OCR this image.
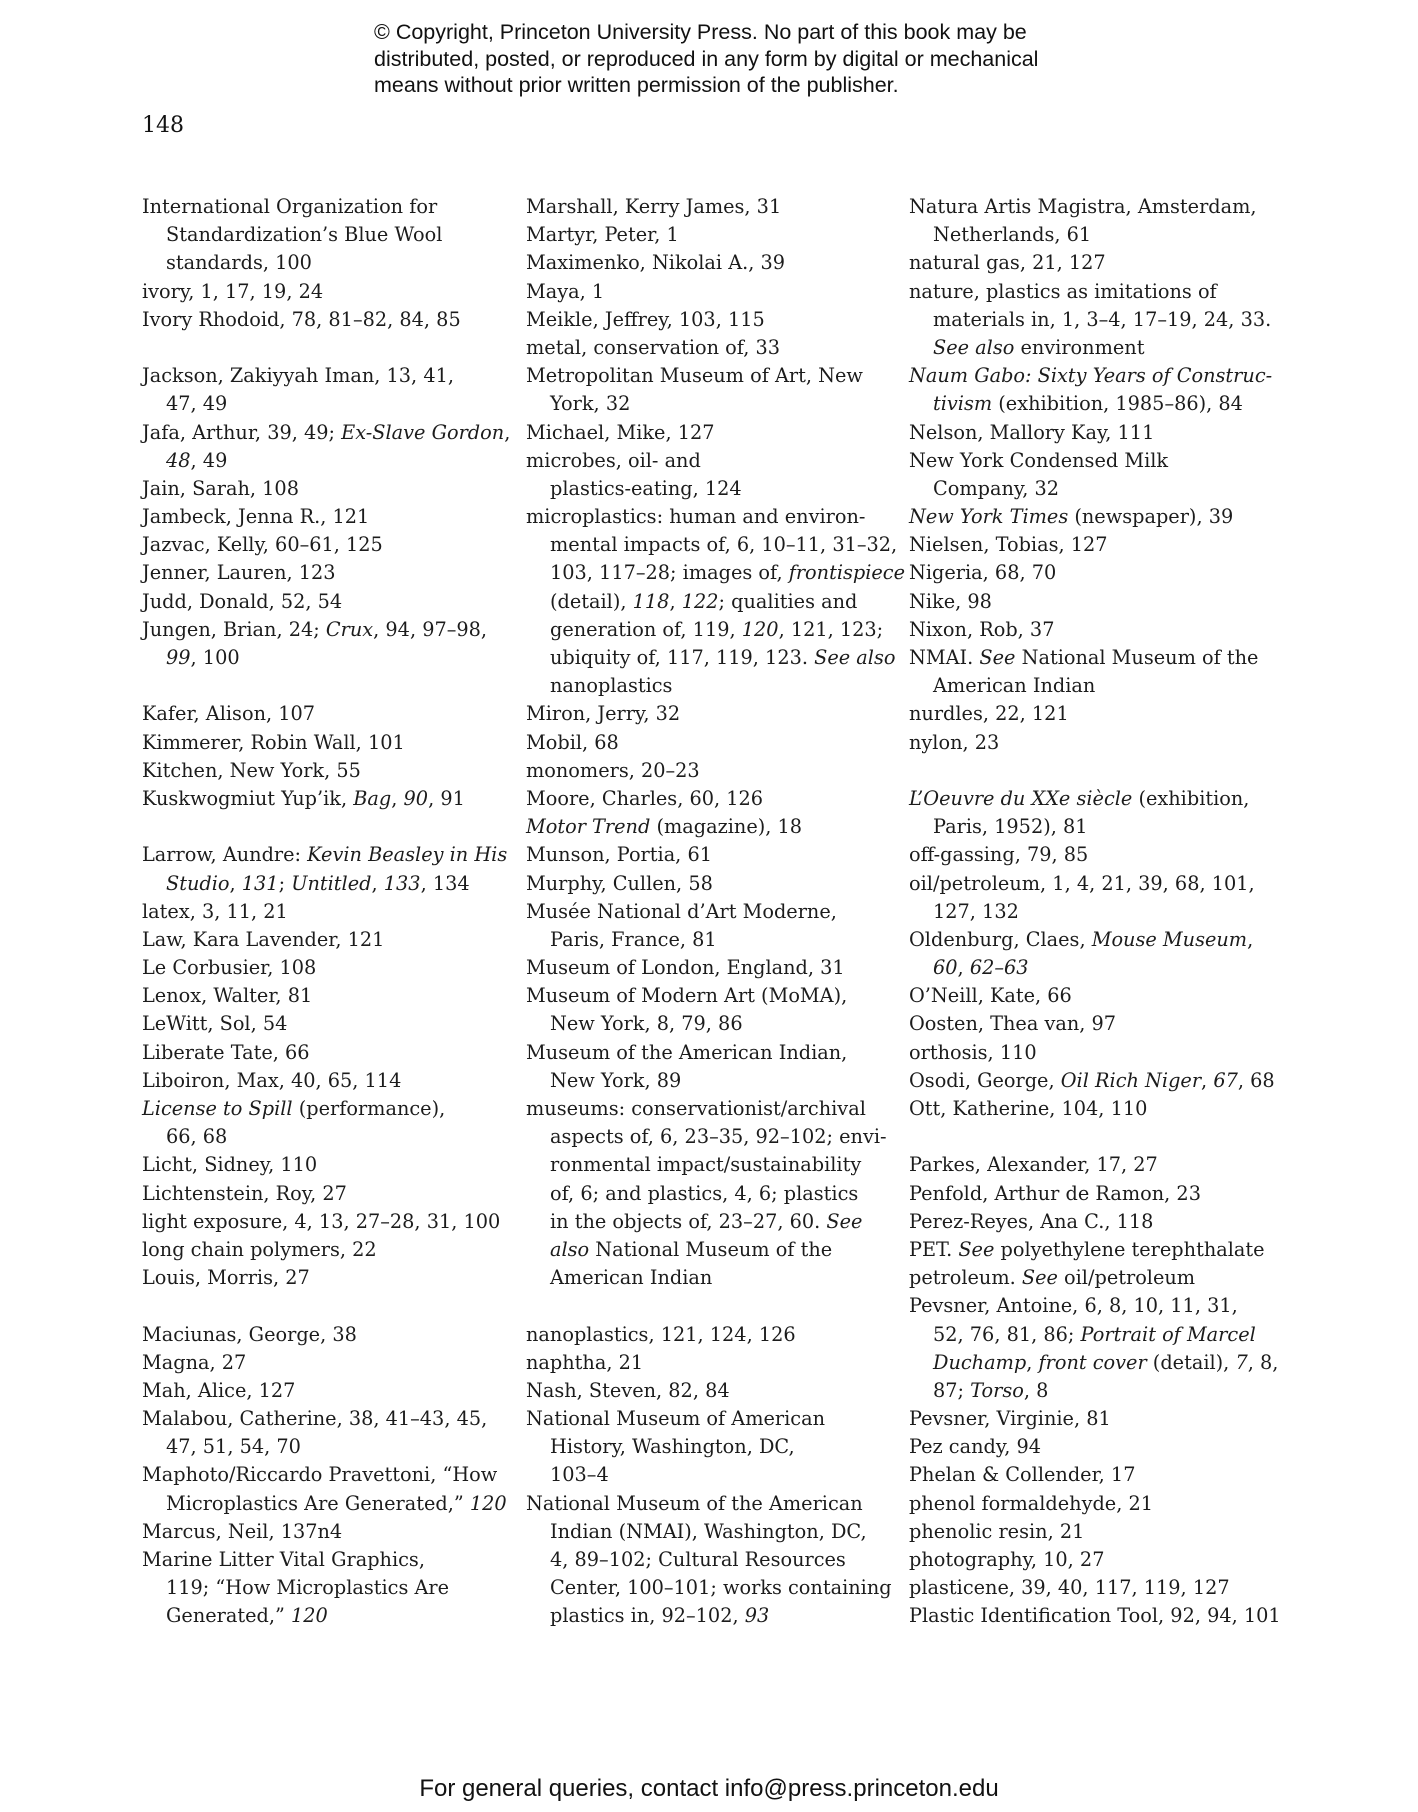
© Copyright, Princeton University Press. No part of this book may be
distributed, posted, or reproduced in any form by digital or mechanical
means without prior written permission of the publisher.
148
International Organization for
Standardization’s Blue Wool
standards, 100
ivory, 1, 17, 19, 24
Ivory Rhodoid, 78, 81–82, 84, 85
Jackson, Zakiyyah Iman, 13, 41,
47, 49
Jafa, Arthur, 39, 49; Ex-Slave Gordon,
48, 49
Jain, Sarah, 108
Jambeck, Jenna R., 121
Jazvac, Kelly, 60–61, 125
Jenner, Lauren, 123
Judd, Donald, 52, 54
Jungen, Brian, 24; Crux, 94, 97–98,
99, 100
Kafer, Alison, 107
Kimmerer, Robin Wall, 101
Kitchen, New York, 55
Kuskwogmiut Yup’ik, Bag, 90, 91
Larrow, Aundre: Kevin Beasley in His
Studio, 131; Untitled, 133, 134
latex, 3, 11, 21
Law, Kara Lavender, 121
Le Corbusier, 108
Lenox, Walter, 81
LeWitt, Sol, 54
Liberate Tate, 66
Liboiron, Max, 40, 65, 114
License to Spill (performance),
66, 68
Licht, Sidney, 110
Lichtenstein, Roy, 27
light exposure, 4, 13, 27–28, 31, 100
long chain polymers, 22
Louis, Morris, 27
Maciunas, George, 38
Magna, 27
Mah, Alice, 127
Malabou, Catherine, 38, 41–43, 45,
47, 51, 54, 70
Maphoto/Riccardo Pravettoni, “How
Microplastics Are Generated,” 120
Marcus, Neil, 137n4
Marine Litter Vital Graphics,
119; “How Microplastics Are
Generated,” 120
Marshall, Kerry James, 31
Martyr, Peter, 1
Maximenko, Nikolai A., 39
Maya, 1
Meikle, Jeffrey, 103, 115
metal, conservation of, 33
Metropolitan Museum of Art, New
York, 32
Michael, Mike, 127
microbes, oil- and
plastics-eating, 124
microplastics: human and environ-
mental impacts of, 6, 10–11, 31–32,
103, 117–28; images of, frontispiece
(detail), 118, 122; qualities and
generation of, 119, 120, 121, 123;
ubiquity of, 117, 119, 123. See also
nanoplastics
Miron, Jerry, 32
Mobil, 68
monomers, 20–23
Moore, Charles, 60, 126
Motor Trend (magazine), 18
Munson, Portia, 61
Murphy, Cullen, 58
Musée National d’Art Moderne,
Paris, France, 81
Museum of London, England, 31
Museum of Modern Art (MoMA),
New York, 8, 79, 86
Museum of the American Indian,
New York, 89
museums: conservationist/archival
aspects of, 6, 23–35, 92–102; envi-
ronmental impact/sustainability
of, 6; and plastics, 4, 6; plastics
in the objects of, 23–27, 60. See
also National Museum of the
American Indian
nanoplastics, 121, 124, 126
naphtha, 21
Nash, Steven, 82, 84
National Museum of American
History, Washington, DC,
103–4
National Museum of the American
Indian (NMAI), Washington, DC,
4, 89–102; Cultural Resources
Center, 100–101; works containing
plastics in, 92–102, 93
Natura Artis Magistra, Amsterdam,
Netherlands, 61
natural gas, 21, 127
nature, plastics as imitations of
materials in, 1, 3–4, 17–19, 24, 33.
See also environment
Naum Gabo: Sixty Years of Construc-
tivism (exhibition, 1985–86), 84
Nelson, Mallory Kay, 111
New York Condensed Milk
Company, 32
New York Times (newspaper), 39
Nielsen, Tobias, 127
Nigeria, 68, 70
Nike, 98
Nixon, Rob, 37
NMAI. See National Museum of the
American Indian
nurdles, 22, 121
nylon, 23
L’Oeuvre du XXe siècle (exhibition,
Paris, 1952), 81
off-gassing, 79, 85
oil/petroleum, 1, 4, 21, 39, 68, 101,
127, 132
Oldenburg, Claes, Mouse Museum,
60, 62–63
O’Neill, Kate, 66
Oosten, Thea van, 97
orthosis, 110
Osodi, George, Oil Rich Niger, 67, 68
Ott, Katherine, 104, 110
Parkes, Alexander, 17, 27
Penfold, Arthur de Ramon, 23
Perez-Reyes, Ana C., 118
PET. See polyethylene terephthalate
petroleum. See oil/petroleum
Pevsner, Antoine, 6, 8, 10, 11, 31,
52, 76, 81, 86; Portrait of Marcel
Duchamp, front cover (detail), 7, 8,
87; Torso, 8
Pevsner, Virginie, 81
Pez candy, 94
Phelan & Collender, 17
phenol formaldehyde, 21
phenolic resin, 21
photography, 10, 27
plasticene, 39, 40, 117, 119, 127
Plastic Identification Tool, 92, 94, 101
For general queries, contact info@press.princeton.edu
